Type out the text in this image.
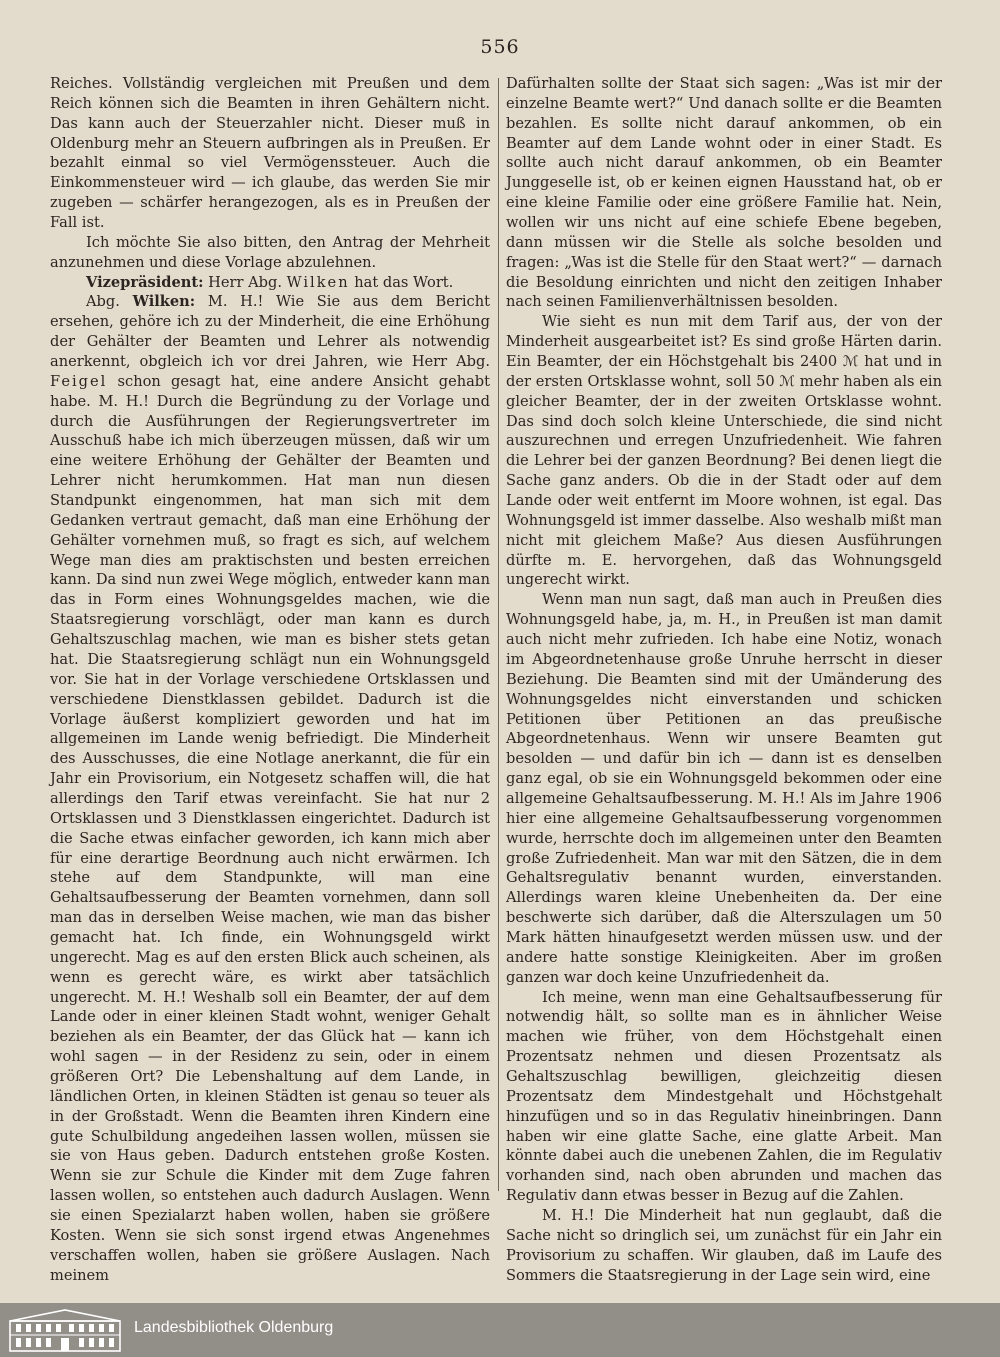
556

Reiches. Vollständig vergleichen mit Preußen und dem Reich können sich die Beamten in ihren Gehältern nicht. Das kann auch der Steuerzahler nicht. Dieser muß in Oldenburg mehr an Steuern aufbringen als in Preußen. Er bezahlt einmal so viel Vermögenssteuer. Auch die Einkommensteuer wird — ich glaube, das werden Sie mir zugeben — schärfer herangezogen, als es in Preußen der Fall ist.

Ich möchte Sie also bitten, den Antrag der Mehrheit anzunehmen und diese Vorlage abzulehnen.

Vizepräsident: Herr Abg. Wilken hat das Wort.

Abg. Wilken: M. H.! Wie Sie aus dem Bericht ersehen, gehöre ich zu der Minderheit, die eine Erhöhung der Gehälter der Beamten und Lehrer als notwendig anerkennt, obgleich ich vor drei Jahren, wie Herr Abg. Feigel schon gesagt hat, eine andere Ansicht gehabt habe. M. H.! Durch die Begründung zu der Vorlage und durch die Ausführungen der Regierungsvertreter im Ausschuß habe ich mich überzeugen müssen, daß wir um eine weitere Erhöhung der Gehälter der Beamten und Lehrer nicht herumkommen. Hat man nun diesen Standpunkt eingenommen, hat man sich mit dem Gedanken vertraut gemacht, daß man eine Erhöhung der Gehälter vornehmen muß, so fragt es sich, auf welchem Wege man dies am praktischsten und besten erreichen kann. Da sind nun zwei Wege möglich, entweder kann man das in Form eines Wohnungsgeldes machen, wie die Staatsregierung vorschlägt, oder man kann es durch Gehaltszuschlag machen, wie man es bisher stets getan hat. Die Staatsregierung schlägt nun ein Wohnungsgeld vor. Sie hat in der Vorlage verschiedene Ortsklassen und verschiedene Dienstklassen gebildet. Dadurch ist die Vorlage äußerst kompliziert geworden und hat im allgemeinen im Lande wenig befriedigt. Die Minderheit des Ausschusses, die eine Notlage anerkannt, die für ein Jahr ein Provisorium, ein Notgesetz schaffen will, die hat allerdings den Tarif etwas vereinfacht. Sie hat nur 2 Ortsklassen und 3 Dienstklassen eingerichtet. Dadurch ist die Sache etwas einfacher geworden, ich kann mich aber für eine derartige Beordnung auch nicht erwärmen. Ich stehe auf dem Standpunkte, will man eine Gehaltsaufbesserung der Beamten vornehmen, dann soll man das in derselben Weise machen, wie man das bisher gemacht hat. Ich finde, ein Wohnungsgeld wirkt ungerecht. Mag es auf den ersten Blick auch scheinen, als wenn es gerecht wäre, es wirkt aber tatsächlich ungerecht. M. H.! Weshalb soll ein Beamter, der auf dem Lande oder in einer kleinen Stadt wohnt, weniger Gehalt beziehen als ein Beamter, der das Glück hat — kann ich wohl sagen — in der Residenz zu sein, oder in einem größeren Ort? Die Lebenshaltung auf dem Lande, in ländlichen Orten, in kleinen Städten ist genau so teuer als in der Großstadt. Wenn die Beamten ihren Kindern eine gute Schulbildung angedeihen lassen wollen, müssen sie sie von Haus geben. Dadurch entstehen große Kosten. Wenn sie zur Schule die Kinder mit dem Zuge fahren lassen wollen, so entstehen auch dadurch Auslagen. Wenn sie einen Spezialarzt haben wollen, haben sie größere Kosten. Wenn sie sich sonst irgend etwas Angenehmes verschaffen wollen, haben sie größere Auslagen. Nach meinem

Dafürhalten sollte der Staat sich sagen: „Was ist mir der einzelne Beamte wert?“ Und danach sollte er die Beamten bezahlen. Es sollte nicht darauf ankommen, ob ein Beamter auf dem Lande wohnt oder in einer Stadt. Es sollte auch nicht darauf ankommen, ob ein Beamter Junggeselle ist, ob er keinen eignen Hausstand hat, ob er eine kleine Familie oder eine größere Familie hat. Nein, wollen wir uns nicht auf eine schiefe Ebene begeben, dann müssen wir die Stelle als solche besolden und fragen: „Was ist die Stelle für den Staat wert?“ — darnach die Besoldung einrichten und nicht den zeitigen Inhaber nach seinen Familienverhältnissen besolden.

Wie sieht es nun mit dem Tarif aus, der von der Minderheit ausgearbeitet ist? Es sind große Härten darin. Ein Beamter, der ein Höchstgehalt bis 2400 ℳ hat und in der ersten Ortsklasse wohnt, soll 50 ℳ mehr haben als ein gleicher Beamter, der in der zweiten Ortsklasse wohnt. Das sind doch solch kleine Unterschiede, die sind nicht auszurechnen und erregen Unzufriedenheit. Wie fahren die Lehrer bei der ganzen Beordnung? Bei denen liegt die Sache ganz anders. Ob die in der Stadt oder auf dem Lande oder weit entfernt im Moore wohnen, ist egal. Das Wohnungsgeld ist immer dasselbe. Also weshalb mißt man nicht mit gleichem Maße? Aus diesen Ausführungen dürfte m. E. hervorgehen, daß das Wohnungsgeld ungerecht wirkt.

Wenn man nun sagt, daß man auch in Preußen dies Wohnungsgeld habe, ja, m. H., in Preußen ist man damit auch nicht mehr zufrieden. Ich habe eine Notiz, wonach im Abgeordnetenhause große Unruhe herrscht in dieser Beziehung. Die Beamten sind mit der Umänderung des Wohnungsgeldes nicht einverstanden und schicken Petitionen über Petitionen an das preußische Abgeordnetenhaus. Wenn wir unsere Beamten gut besolden — und dafür bin ich — dann ist es denselben ganz egal, ob sie ein Wohnungsgeld bekommen oder eine allgemeine Gehaltsaufbesserung. M. H.! Als im Jahre 1906 hier eine allgemeine Gehaltsaufbesserung vorgenommen wurde, herrschte doch im allgemeinen unter den Beamten große Zufriedenheit. Man war mit den Sätzen, die in dem Gehaltsregulativ benannt wurden, einverstanden. Allerdings waren kleine Unebenheiten da. Der eine beschwerte sich darüber, daß die Alterszulagen um 50 Mark hätten hinaufgesetzt werden müssen usw. und der andere hatte sonstige Kleinigkeiten. Aber im großen ganzen war doch keine Unzufriedenheit da.

Ich meine, wenn man eine Gehaltsaufbesserung für notwendig hält, so sollte man es in ähnlicher Weise machen wie früher, von dem Höchstgehalt einen Prozentsatz nehmen und diesen Prozentsatz als Gehaltszuschlag bewilligen, gleichzeitig diesen Prozentsatz dem Mindestgehalt und Höchstgehalt hinzufügen und so in das Regulativ hineinbringen. Dann haben wir eine glatte Sache, eine glatte Arbeit. Man könnte dabei auch die unebenen Zahlen, die im Regulativ vorhanden sind, nach oben abrunden und machen das Regulativ dann etwas besser in Bezug auf die Zahlen.

M. H.! Die Minderheit hat nun geglaubt, daß die Sache nicht so dringlich sei, um zunächst für ein Jahr ein Provisorium zu schaffen. Wir glauben, daß im Laufe des Sommers die Staatsregierung in der Lage sein wird, eine

Landesbibliothek Oldenburg
